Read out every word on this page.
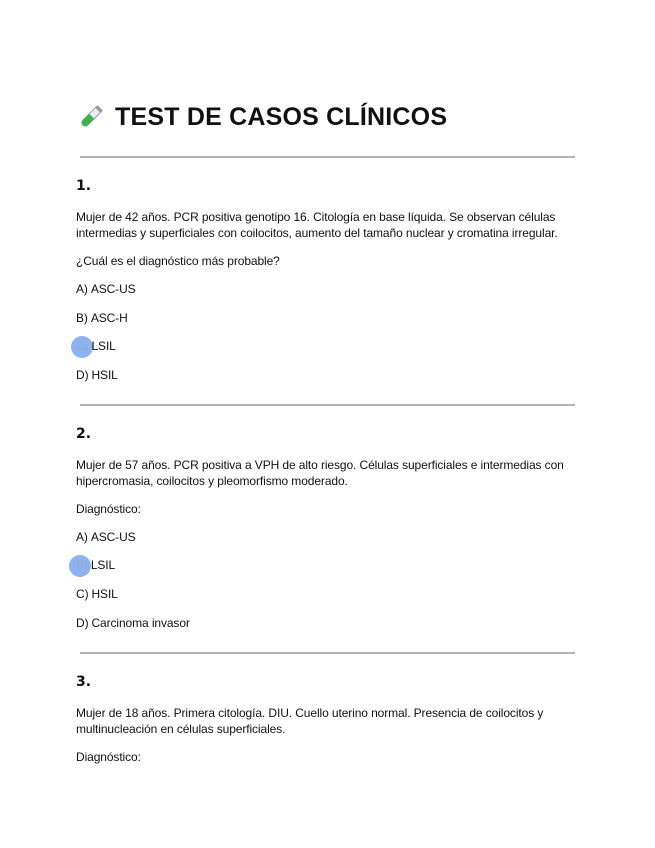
TEST DE CASOS CLÍNICOS
1.
Mujer de 42 años. PCR positiva genotipo 16. Citología en base líquida. Se observan células intermedias y superficiales con coilocitos, aumento del tamaño nuclear y cromatina irregular.
¿Cuál es el diagnóstico más probable?
A) ASC-US
B) ASC-H
C) LSIL
D) HSIL
2.
Mujer de 57 años. PCR positiva a VPH de alto riesgo. Células superficiales e intermedias con hipercromasia, coilocitos y pleomorfismo moderado.
Diagnóstico:
A) ASC-US
B) LSIL
C) HSIL
D) Carcinoma invasor
3.
Mujer de 18 años. Primera citología. DIU. Cuello uterino normal. Presencia de coilocitos y multinucleación en células superficiales.
Diagnóstico:
